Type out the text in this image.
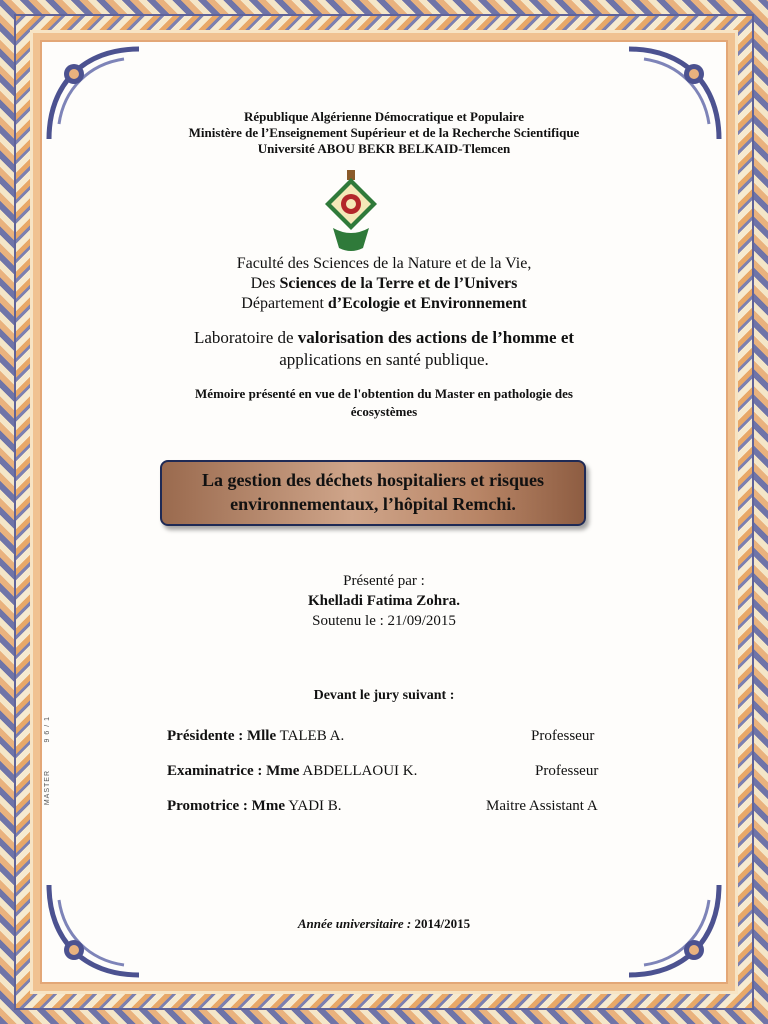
9 6 / 1
MASTER
République Algérienne Démocratique et Populaire
Ministère de l’Enseignement Supérieur et de la Recherche Scientifique
Université ABOU BEKR BELKAID-Tlemcen
Faculté des Sciences de la Nature et de la Vie,
Des Sciences de la Terre et de l’Univers
Département d’Ecologie et Environnement
Laboratoire de valorisation des actions de l’homme et
applications en santé publique.
Mémoire présenté en vue de l'obtention du Master en pathologie des
écosystèmes
La gestion des déchets hospitaliers et risques
environnementaux, l’hôpital Remchi.
Présenté par :
Khelladi Fatima Zohra.
Soutenu le : 21/09/2015
Devant le jury suivant :
Présidente : Mlle TALEB A.	Professeur
Examinatrice : Mme ABDELLAOUI K.	Professeur
Promotrice : Mme YADI B.	Maitre Assistant A
Année universitaire : 2014/2015
